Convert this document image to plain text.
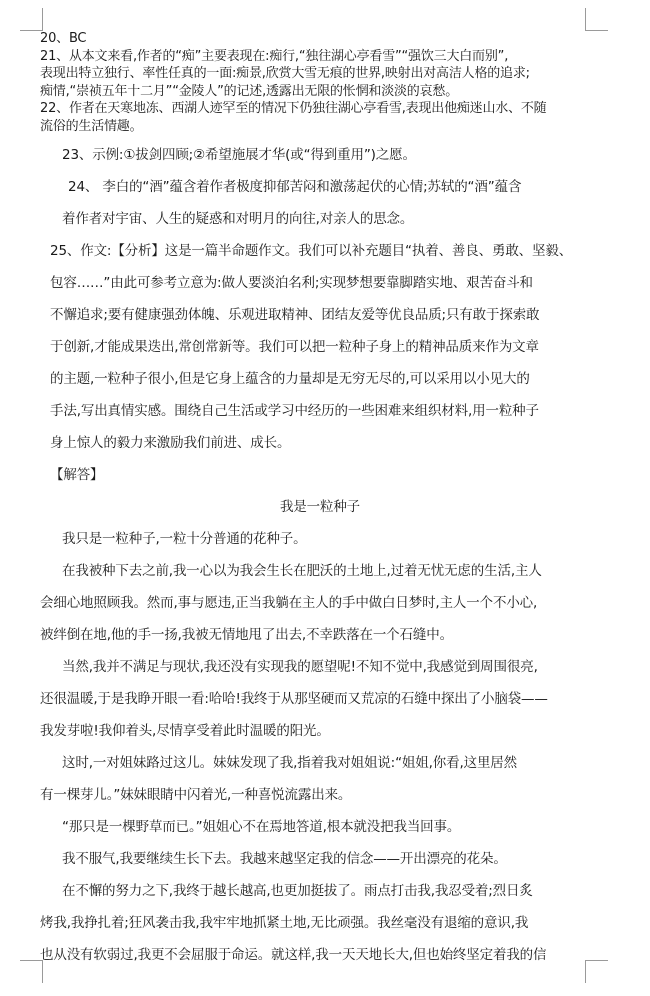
20、BC
21、从本文来看,作者的“痴”主要表现在:痴行,“独往湖心亭看雪”“强饮三大白而别”,
表现出特立独行、率性任真的一面:痴景,欣赏大雪无痕的世界,映射出对高洁人格的追求;
痴情,“崇祯五年十二月”“金陵人”的记述,透露出无限的怅惘和淡淡的哀愁。
22、作者在天寒地冻、西湖人迹罕至的情况下仍独往湖心亭看雪,表现出他痴迷山水、不随
流俗的生活情趣。
23、示例:①拔剑四顾;②希望施展才华(或“得到重用”)之愿。
24、 李白的“酒”蕴含着作者极度抑郁苦闷和激荡起伏的心情;苏轼的“酒”蕴含
着作者对宇宙、人生的疑惑和对明月的向往,对亲人的思念。
25、作文:【分析】这是一篇半命题作文。我们可以补充题目“执着、善良、勇敢、坚毅、
包容……”由此可参考立意为:做人要淡泊名利;实现梦想要靠脚踏实地、艰苦奋斗和
不懈追求;要有健康强劲体魄、乐观进取精神、团结友爱等优良品质;只有敢于探索敢
于创新,才能成果迭出,常创常新等。我们可以把一粒种子身上的精神品质来作为文章
的主题,一粒种子很小,但是它身上蕴含的力量却是无穷无尽的,可以采用以小见大的
手法,写出真情实感。围绕自己生活或学习中经历的一些困难来组织材料,用一粒种子
身上惊人的毅力来激励我们前进、成长。
【解答】
我是一粒种子
我只是一粒种子,一粒十分普通的花种子。
在我被种下去之前,我一心以为我会生长在肥沃的土地上,过着无忧无虑的生活,主人
会细心地照顾我。然而,事与愿违,正当我躺在主人的手中做白日梦时,主人一个不小心,
被绊倒在地,他的手一扬,我被无情地甩了出去,不幸跌落在一个石缝中。
当然,我并不满足与现状,我还没有实现我的愿望呢!不知不觉中,我感觉到周围很亮,
还很温暖,于是我睁开眼一看:哈哈!我终于从那坚硬而又荒凉的石缝中探出了小脑袋——
我发芽啦!我仰着头,尽情享受着此时温暖的阳光。
这时,一对姐妹路过这儿。妹妹发现了我,指着我对姐姐说:“姐姐,你看,这里居然
有一棵芽儿。”妹妹眼睛中闪着光,一种喜悦流露出来。
“那只是一棵野草而已。”姐姐心不在焉地答道,根本就没把我当回事。
我不服气,我要继续生长下去。我越来越坚定我的信念——开出漂亮的花朵。
在不懈的努力之下,我终于越长越高,也更加挺拔了。雨点打击我,我忍受着;烈日炙
烤我,我挣扎着;狂风袭击我,我牢牢地抓紧土地,无比顽强。我丝毫没有退缩的意识,我
也从没有软弱过,我更不会屈服于命运。就这样,我一天天地长大,但也始终坚定着我的信
